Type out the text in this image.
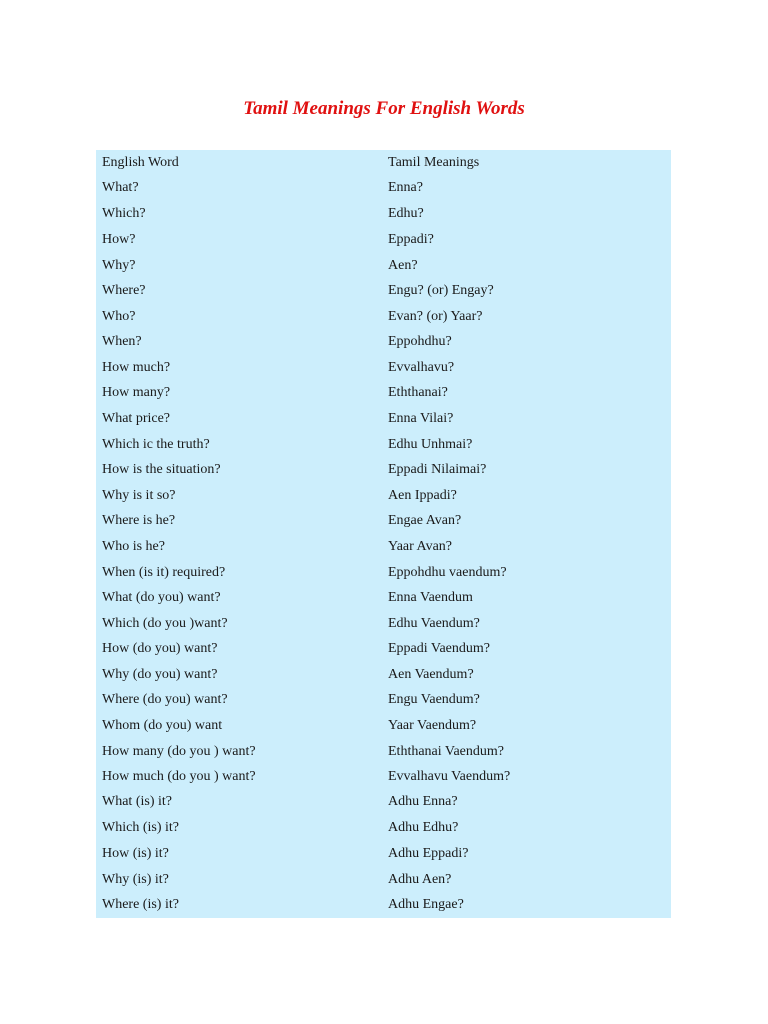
Tamil Meanings For English Words
English Word	Tamil Meanings
What?	Enna?
Which?	Edhu?
How?	Eppadi?
Why?	Aen?
Where?	Engu? (or) Engay?
Who?	Evan? (or) Yaar?
When?	Eppohdhu?
How much?	Evvalhavu?
How many?	Eththanai?
What price?	Enna Vilai?
Which ic the truth?	Edhu Unhmai?
How is the situation?	Eppadi Nilaimai?
Why is it so?	Aen Ippadi?
Where is he?	Engae Avan?
Who is he?	Yaar Avan?
When (is it) required?	Eppohdhu vaendum?
What (do you) want?	Enna Vaendum
Which (do you )want?	Edhu Vaendum?
How (do you) want?	Eppadi Vaendum?
Why (do you) want?	Aen Vaendum?
Where (do you) want?	Engu Vaendum?
Whom (do you) want	Yaar Vaendum?
How many (do you ) want?	Eththanai Vaendum?
How much (do you ) want?	Evvalhavu Vaendum?
What (is) it?	Adhu Enna?
Which (is) it?	Adhu Edhu?
How (is) it?	Adhu Eppadi?
Why (is) it?	Adhu Aen?
Where (is) it?	Adhu Engae?
